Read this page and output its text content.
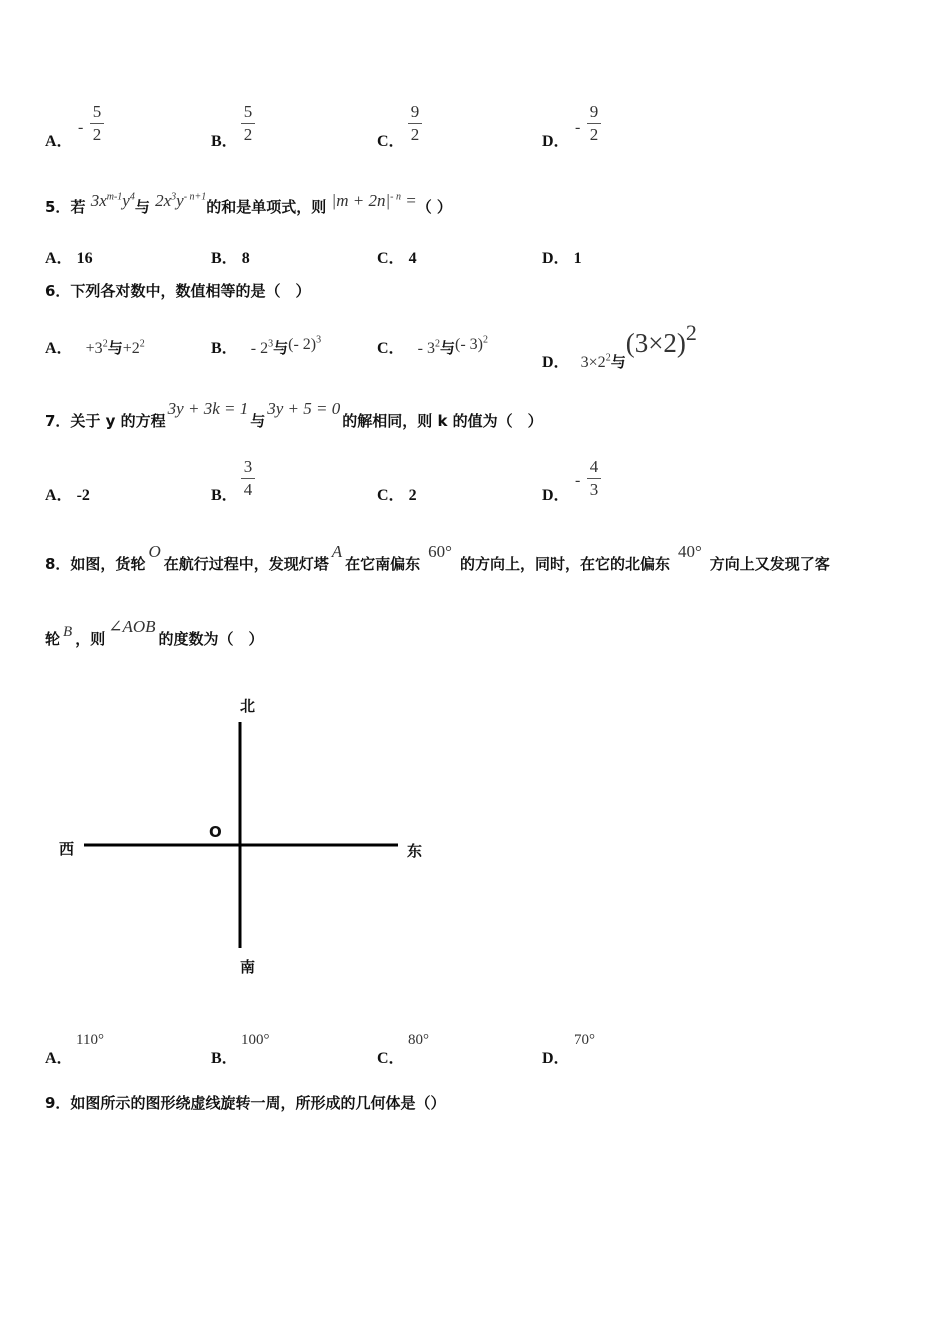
A．
-
5
2	B．
5
2	C．
9
2	D．
-
9
2
5．若 $3x^{m-1}y^4$与 $2x^3y^{- n+1}$的和是单项式，则 $|m + 2n|^{- n}$ =（ ）
A． 16	B． 8	C． 4	D． 1
6．下列各对数中，数值相等的是（　）
A． $+3^2$与$+2^2$	B． - $2^3$与(- 2)$^3$	C． - $3^2$与(- 3)$^2$
D． $3\times 2^2$与$(3\times 2)^2$
7．关于 y 的方程3y + 3k = 1与3y + 5 = 0的解相同，则 k 的值为（　）
A． -2	B．
3
4	C． 2	D．
-
4
3
8．如图，货轮O在航行过程中，发现灯塔A在它南偏东60°的方向上，同时，在它的北偏东40°方向上又发现了客
轮 B ，则∠AOB的度数为（　）
北
南
东
西
O
A．
110°
B．
100°
C．
80°
D．
70°
9．如图所示的图形绕虚线旋转一周，所形成的几何体是（）
